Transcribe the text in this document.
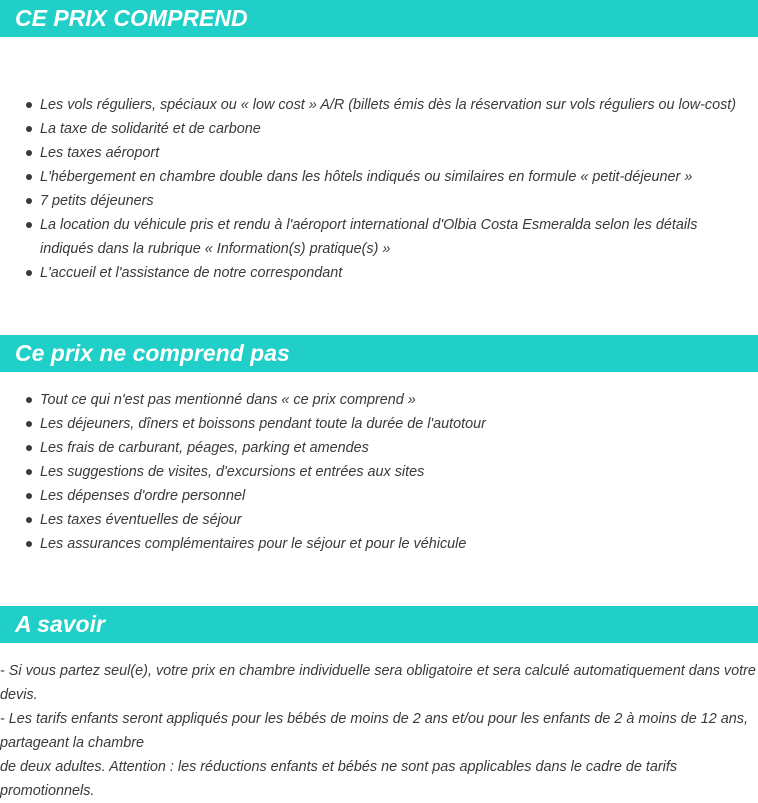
CE PRIX COMPREND
Les vols réguliers, spéciaux ou « low cost » A/R (billets émis dès la réservation sur vols réguliers ou low-cost)
La taxe de solidarité et de carbone
Les taxes aéroport
L'hébergement en chambre double dans les hôtels indiqués ou similaires en formule « petit-déjeuner »
7 petits déjeuners
La location du véhicule pris et rendu à l'aéroport international d'Olbia Costa Esmeralda selon les détails indiqués dans la rubrique « Information(s) pratique(s) »
L'accueil et l'assistance de notre correspondant
Ce prix ne comprend pas
Tout ce qui n'est pas mentionné dans « ce prix comprend »
Les déjeuners, dîners et boissons pendant toute la durée de l'autotour
Les frais de carburant, péages, parking et amendes
Les suggestions de visites, d'excursions et entrées aux sites
Les dépenses d'ordre personnel
Les taxes éventuelles de séjour
Les assurances complémentaires pour le séjour et pour le véhicule
A savoir

- Si vous partez seul(e), votre prix en chambre individuelle sera obligatoire et sera calculé automatiquement dans votre devis.

- Les tarifs enfants seront appliqués pour les bébés de moins de 2 ans et/ou pour les enfants de 2 à moins de 12 ans, partageant la chambre

de deux adultes. Attention : les réductions enfants et bébés ne sont pas applicables dans le cadre de tarifs promotionnels.
